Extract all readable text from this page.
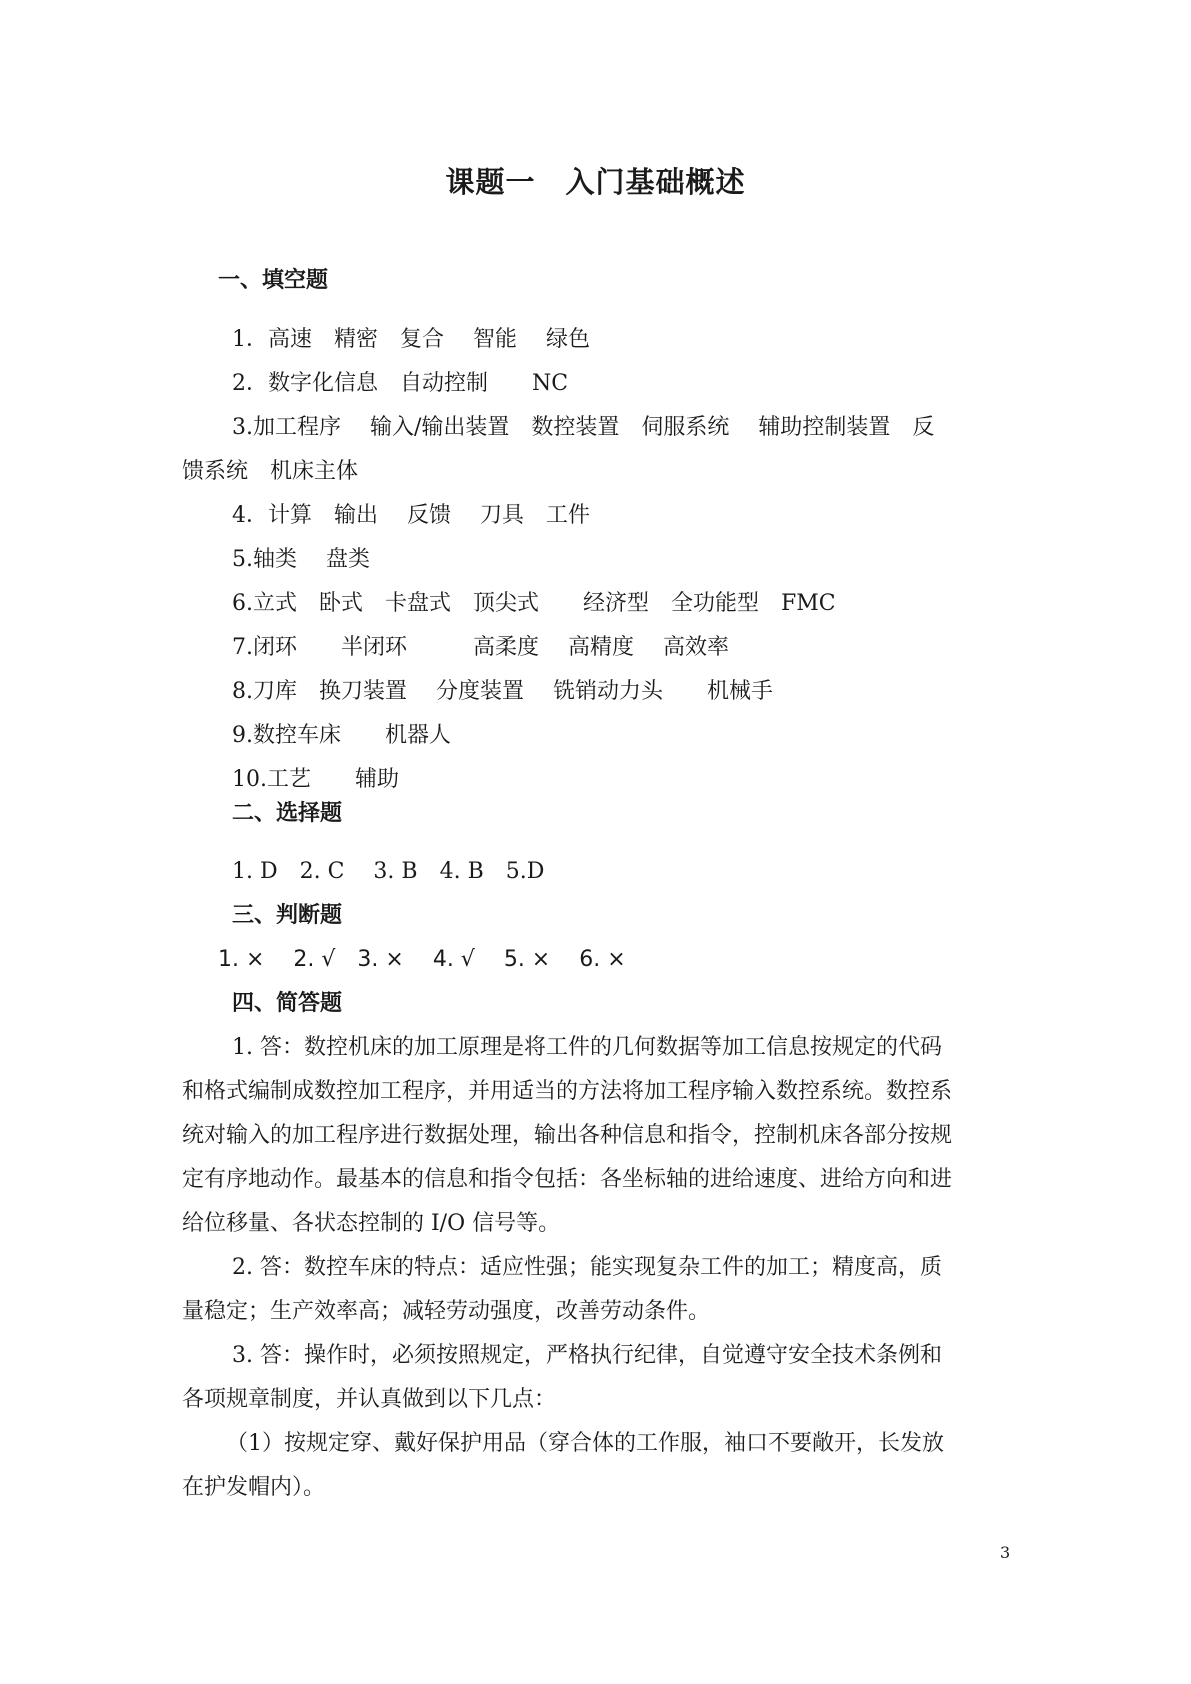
课题一　入门基础概述
一、填空题
1．高速　精密　复合　 智能　 绿色
2．数字化信息　自动控制　　NC
3.加工程序　 输入/输出装置　数控装置　伺服系统　 辅助控制装置　反
馈系统　机床主体
4．计算　输出　 反馈　 刀具　工件
5.轴类　 盘类
6.立式　卧式　卡盘式　顶尖式　　经济型　全功能型　FMC
7.闭环　　半闭环　　　高柔度　 高精度　 高效率
8.刀库　换刀装置　 分度装置　 铣销动力头　　机械手
9.数控车床　　机器人
10.工艺　　辅助
二、选择题
1. D　2. C　 3. B　4. B　5.D
三、判断题
1. ×　 2. √　3. ×　 4. √　 5. ×　 6. ×
四、简答题
1. 答：数控机床的加工原理是将工件的几何数据等加工信息按规定的代码
和格式编制成数控加工程序，并用适当的方法将加工程序输入数控系统。数控系
统对输入的加工程序进行数据处理，输出各种信息和指令，控制机床各部分按规
定有序地动作。最基本的信息和指令包括：各坐标轴的进给速度、进给方向和进
给位移量、各状态控制的 I/O 信号等。
2. 答：数控车床的特点：适应性强；能实现复杂工件的加工；精度高，质
量稳定；生产效率高；减轻劳动强度，改善劳动条件。
3. 答：操作时，必须按照规定，严格执行纪律，自觉遵守安全技术条例和
各项规章制度，并认真做到以下几点：
（1）按规定穿、戴好保护用品（穿合体的工作服，袖口不要敞开，长发放
在护发帽内）。
3
